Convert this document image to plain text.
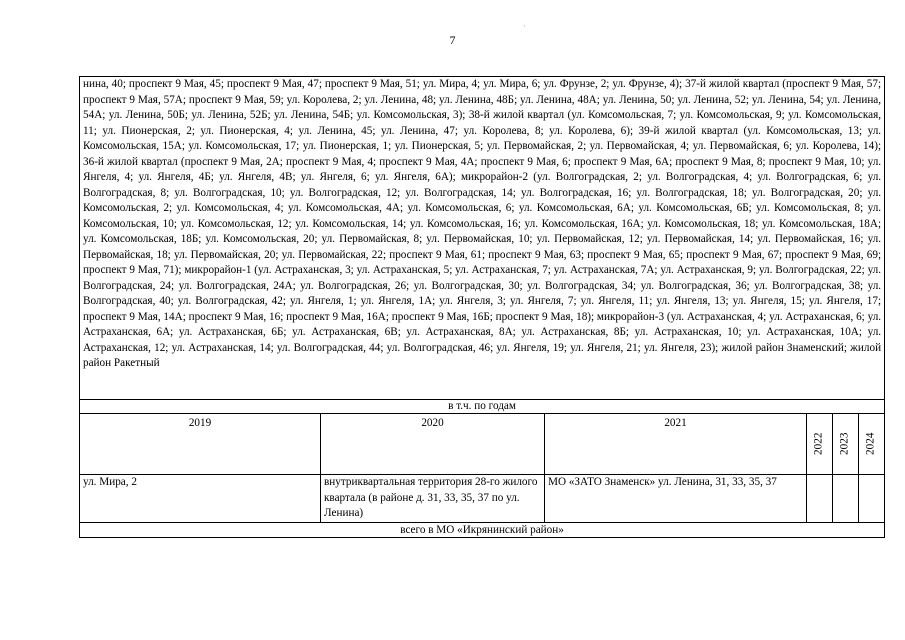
·
7
нина, 40; проспект 9 Мая, 45; проспект 9 Мая, 47; проспект 9 Мая, 51; ул. Мира, 4; ул. Мира, 6; ул. Фрунзе, 2; ул. Фрунзе, 4); 37-й жилой квартал (проспект 9 Мая, 57; проспект 9 Мая, 57А; проспект 9 Мая, 59; ул. Королева, 2; ул. Ленина, 48; ул. Ленина, 48Б; ул. Ленина, 48А; ул. Ленина, 50; ул. Ленина, 52; ул. Ленина, 54; ул. Ленина, 54А; ул. Ленина, 50Б; ул. Ленина, 52Б; ул. Ленина, 54Б; ул. Комсомольская, 3); 38-й жилой квартал (ул. Комсомольская, 7; ул. Комсомольская, 9; ул. Комсомольская, 11; ул. Пионерская, 2; ул. Пионерская, 4; ул. Ленина, 45; ул. Ленина, 47; ул. Королева, 8; ул. Королева, 6); 39-й жилой квартал (ул. Комсомольская, 13; ул. Комсомольская, 15А; ул. Комсомольская, 17; ул. Пионерская, 1; ул. Пионерская, 5; ул. Первомайская, 2; ул. Первомайская, 4; ул. Первомайская, 6; ул. Королева, 14); 36-й жилой квартал (проспект 9 Мая, 2А; проспект 9 Мая, 4; проспект 9 Мая, 4А; проспект 9 Мая, 6; проспект 9 Мая, 6А; проспект 9 Мая, 8; проспект 9 Мая, 10; ул. Янгеля, 4; ул. Янгеля, 4Б; ул. Янгеля, 4В; ул. Янгеля, 6; ул. Янгеля, 6А); микрорайон-2 (ул. Волгоградская, 2; ул. Волгоградская, 4; ул. Волгоградская, 6; ул. Волгоградская, 8; ул. Волгоградская, 10; ул. Волгоградская, 12; ул. Волгоградская, 14; ул. Волгоградская, 16; ул. Волгоградская, 18; ул. Волгоградская, 20; ул. Комсомольская, 2; ул. Комсомольская, 4; ул. Комсомольская, 4А; ул. Комсомольская, 6; ул. Комсомольская, 6А; ул. Комсомольская, 6Б; ул. Комсомольская, 8; ул. Комсомольская, 10; ул. Комсомольская, 12; ул. Комсомольская, 14; ул. Комсомольская, 16; ул. Комсомольская, 16А; ул. Комсомольская, 18; ул. Комсомольская, 18А; ул. Комсомольская, 18Б; ул. Комсомольская, 20; ул. Первомайская, 8; ул. Первомайская, 10; ул. Первомайская, 12; ул. Первомайская, 14; ул. Первомайская, 16; ул. Первомайская, 18; ул. Первомайская, 20; ул. Первомайская, 22; проспект 9 Мая, 61; проспект 9 Мая, 63; проспект 9 Мая, 65; проспект 9 Мая, 67; проспект 9 Мая, 69; проспект 9 Мая, 71); микрорайон-1 (ул. Астраханская, 3; ул. Астраханская, 5; ул. Астраханская, 7; ул. Астраханская, 7А; ул. Астраханская, 9; ул. Волгоградская, 22; ул. Волгоградская, 24; ул. Волгоградская, 24А; ул. Волгоградская, 26; ул. Волгоградская, 30; ул. Волгоградская, 34; ул. Волгоградская, 36; ул. Волгоградская, 38; ул. Волгоградская, 40; ул. Волгоградская, 42; ул. Янгеля, 1; ул. Янгеля, 1А; ул. Янгеля, 3; ул. Янгеля, 7; ул. Янгеля, 11; ул. Янгеля, 13; ул. Янгеля, 15; ул. Янгеля, 17; проспект 9 Мая, 14А; проспект 9 Мая, 16; проспект 9 Мая, 16А; проспект 9 Мая, 16Б; проспект 9 Мая, 18); микрорайон-3 (ул. Астраханская, 4; ул. Астраханская, 6; ул. Астраханская, 6А; ул. Астраханская, 6Б; ул. Астраханская, 6В; ул. Астраханская, 8А; ул. Астраханская, 8Б; ул. Астраханская, 10; ул. Астраханская, 10А; ул. Астраханская, 12; ул. Астраханская, 14; ул. Волгоградская, 44; ул. Волгоградская, 46; ул. Янгеля, 19; ул. Янгеля, 21; ул. Янгеля, 23); жилой район Знаменский; жилой район Ракетный					
в т.ч. по годам					
2019	2020	2021	2022	2023	2024

ул. Мира, 2	внутриквартальная территория 28-го жилого квартала (в районе д. 31, 33, 35, 37 по ул. Ленина)	МО «ЗАТО Знаменск» ул. Ленина, 31, 33, 35, 37			
всего в МО «Икрянинский район»					
